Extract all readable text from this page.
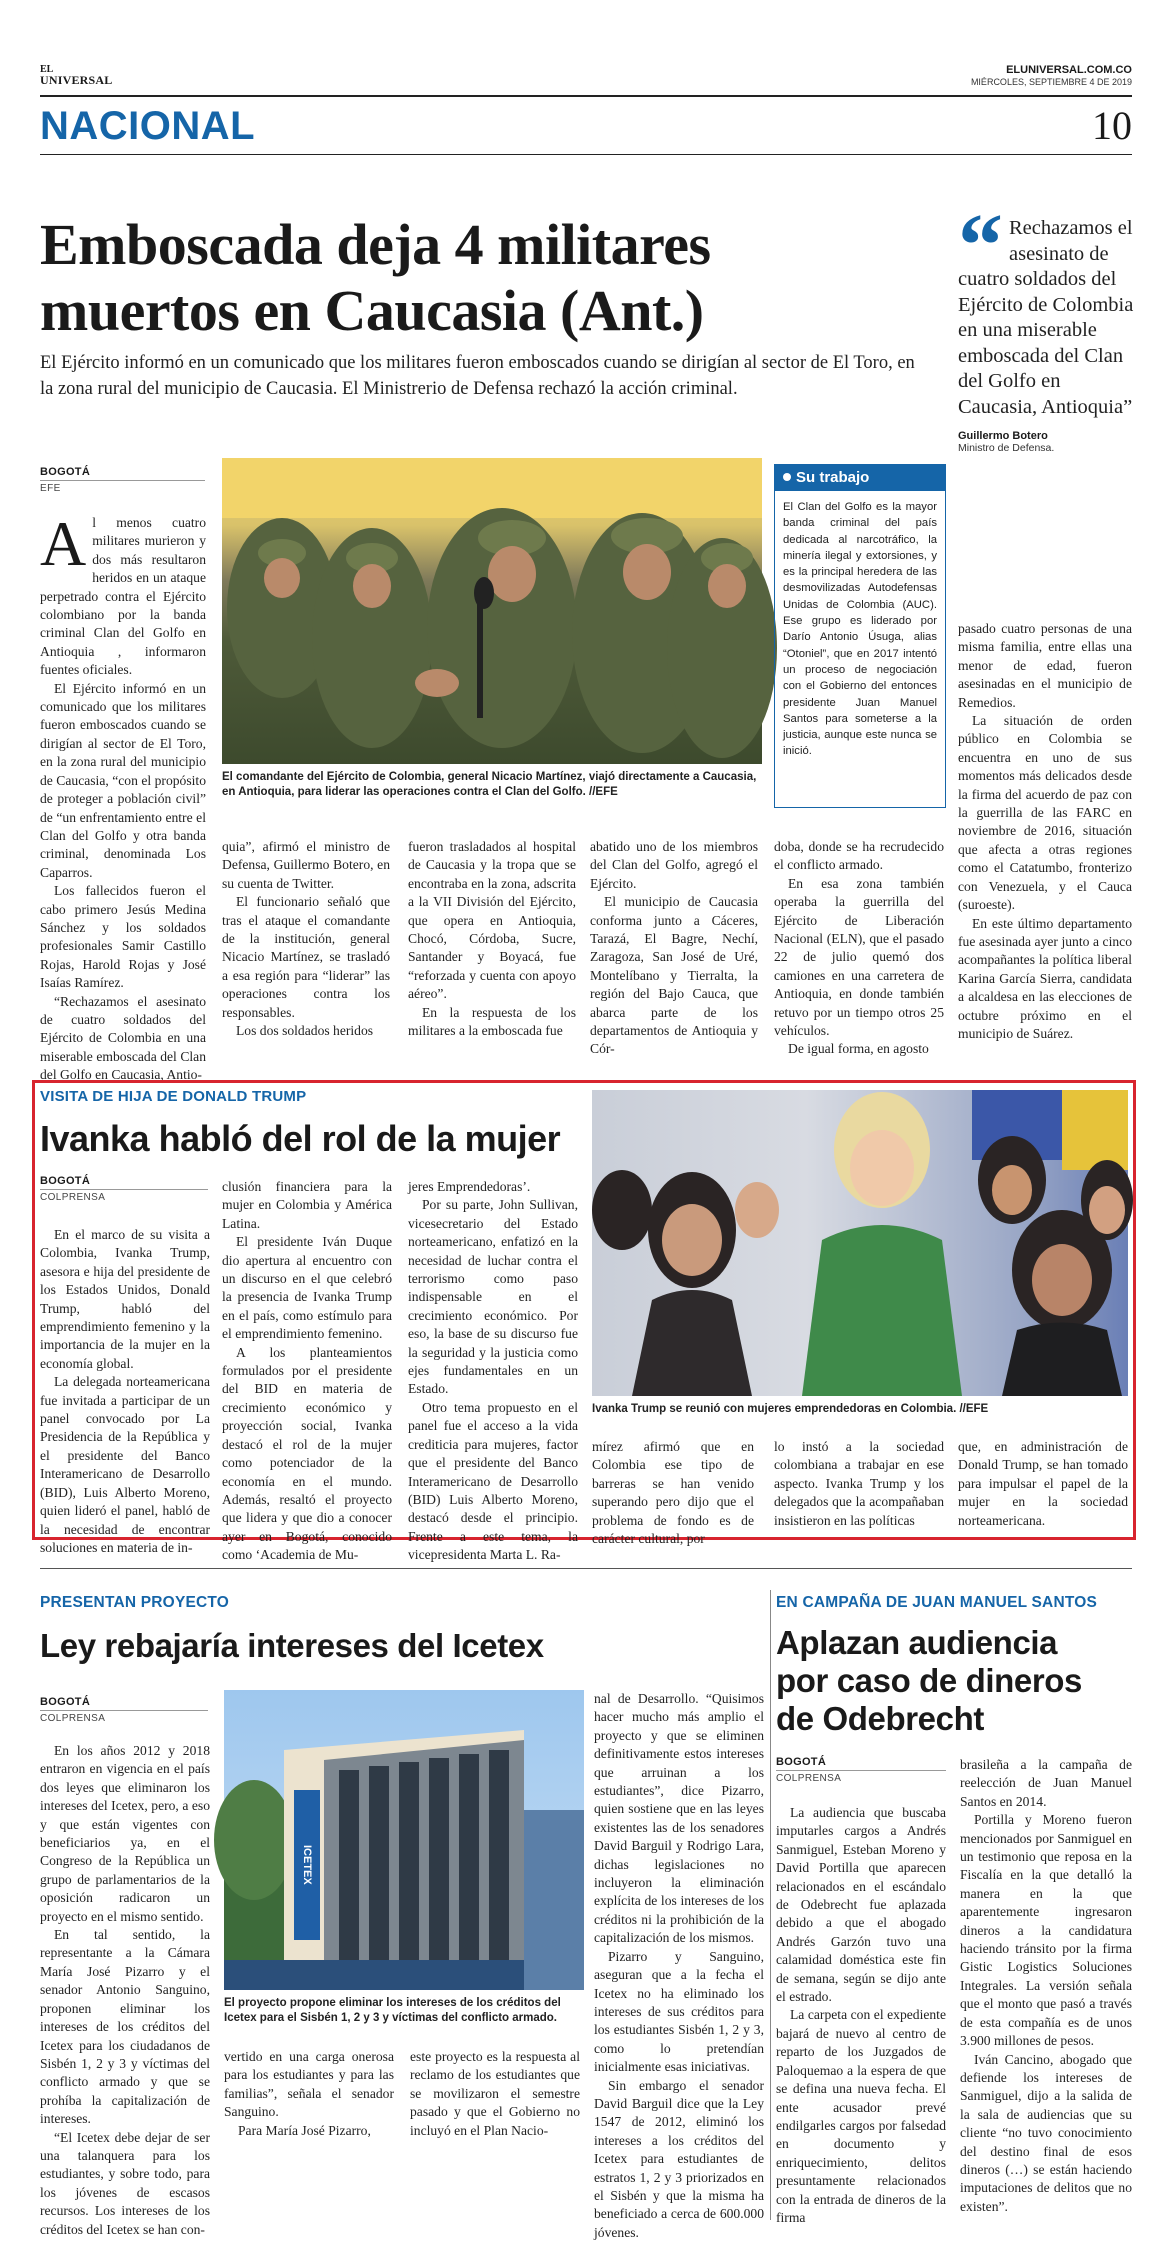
EL
UNIVERSAL
ELUNIVERSAL.COM.CO
MIÉRCOLES, SEPTIEMBRE 4 DE 2019
NACIONAL	10
Emboscada deja 4 militares
muertos en Caucasia (Ant.)
El Ejército informó en un comunicado que los militares fueron emboscados cuando se dirigían al sector de El Toro, en la zona rural del municipio de Caucasia. El Ministrerio de Defensa rechazó la acción criminal.
“ Rechazamos el asesinato de cuatro soldados del Ejército de Colombia en una miserable emboscada del Clan del Golfo en Caucasia, Antioquia”
Guillermo Botero
Ministro de Defensa.
BOGOTÁ
EFE
A l menos cuatro militares murieron y dos más resultaron heridos en un ataque perpetrado contra el Ejército colombiano por la banda criminal Clan del Golfo en Antioquia , informaron fuentes oficiales.

El Ejército informó en un comunicado que los militares fueron emboscados cuando se dirigían al sector de El Toro, en la zona rural del municipio de Caucasia, “con el propósito de proteger a población civil” de “un enfrentamiento entre el Clan del Golfo y otra banda criminal, denominada Los Caparros.

Los fallecidos fueron el cabo primero Jesús Medina Sánchez y los soldados profesionales Samir Castillo Rojas, Harold Rojas y José Isaías Ramírez.

“Rechazamos el asesinato de cuatro soldados del Ejército de Colombia en una miserable emboscada del Clan del Golfo en Caucasia, Antio-

El comandante del Ejército de Colombia, general Nicacio Martínez, viajó directamente a Caucasia, en Antioquia, para liderar las operaciones contra el Clan del Golfo. //EFE
Su trabajo
El Clan del Golfo es la mayor banda criminal del país dedicada al narcotráfico, la minería ilegal y extorsiones, y es la principal heredera de las desmovilizadas Autodefensas Unidas de Colombia (AUC). Ese grupo es liderado por Darío Antonio Úsuga, alias “Otoniel”, que en 2017 intentó un proceso de negociación con el Gobierno del entonces presidente Juan Manuel Santos para someterse a la justicia, aunque este nunca se inició.

quia”, afirmó el ministro de Defensa, Guillermo Botero, en su cuenta de Twitter.

El funcionario señaló que tras el ataque el comandante de la institución, general Nicacio Martínez, se trasladó a esa región para “liderar” las operaciones contra los responsables.

Los dos soldados heridos

fueron trasladados al hospital de Caucasia y la tropa que se encontraba en la zona, adscrita a la VII División del Ejército, que opera en Antioquia, Chocó, Córdoba, Sucre, Santander y Boyacá, fue “reforzada y cuenta con apoyo aéreo”.

En la respuesta de los militares a la emboscada fue

abatido uno de los miembros del Clan del Golfo, agregó el Ejército.

El municipio de Caucasia conforma junto a Cáceres, Tarazá, El Bagre, Nechí, Zaragoza, San José de Uré, Montelíbano y Tierralta, la región del Bajo Cauca, que abarca parte de los departamentos de Antioquia y Cór-

doba, donde se ha recrudecido el conflicto armado.

En esa zona también operaba la guerrilla del Ejército de Liberación Nacional (ELN), que el pasado 22 de julio quemó dos camiones en una carretera de Antioquia, en donde también retuvo por un tiempo otros 25 vehículos.

De igual forma, en agosto

pasado cuatro personas de una misma familia, entre ellas una menor de edad, fueron asesinadas en el municipio de Remedios.

La situación de orden público en Colombia se encuentra en uno de sus momentos más delicados desde la firma del acuerdo de paz con la guerrilla de las FARC en noviembre de 2016, situación que afecta a otras regiones como el Catatumbo, fronterizo con Venezuela, y el Cauca (suroeste).

En este último departamento fue asesinada ayer junto a cinco acompañantes la política liberal Karina García Sierra, candidata a alcaldesa en las elecciones de octubre próximo en el municipio de Suárez.

VISITA DE HIJA DE DONALD TRUMP
Ivanka habló del rol de la mujer
BOGOTÁ
COLPRENSA

En el marco de su visita a Colombia, Ivanka Trump, asesora e hija del presidente de los Estados Unidos, Donald Trump, habló del emprendimiento femenino y la importancia de la mujer en la economía global.

La delegada norteamericana fue invitada a participar de un panel convocado por La Presidencia de la República y el presidente del Banco Interamericano de Desarrollo (BID), Luis Alberto Moreno, quien lideró el panel, habló de la necesidad de encontrar soluciones en materia de in-

clusión financiera para la mujer en Colombia y América Latina.

El presidente Iván Duque dio apertura al encuentro con un discurso en el que celebró la presencia de Ivanka Trump en el país, como estímulo para el emprendimiento femenino.

A los planteamientos formulados por el presidente del BID en materia de crecimiento económico y proyección social, Ivanka destacó el rol de la mujer como potenciador de la economía en el mundo. Además, resaltó el proyecto que lidera y que dio a conocer ayer en Bogotá, conocido como ‘Academia de Mu-

jeres Emprendedoras’.

Por su parte, John Sullivan, vicesecretario del Estado norteamericano, enfatizó en la necesidad de luchar contra el terrorismo como paso indispensable en el crecimiento económico. Por eso, la base de su discurso fue la seguridad y la justicia como ejes fundamentales en un Estado.

Otro tema propuesto en el panel fue el acceso a la vida crediticia para mujeres, factor que el presidente del Banco Interamericano de Desarrollo (BID) Luis Alberto Moreno, destacó desde el principio. Frente a este tema, la vicepresidenta Marta L. Ra-

Ivanka Trump se reunió con mujeres emprendedoras en Colombia. //EFE

mírez afirmó que en Colombia ese tipo de barreras se han venido superando pero dijo que el problema de fondo es de carácter cultural, por

lo instó a la sociedad colombiana a trabajar en ese aspecto. Ivanka Trump y los delegados que la acompañaban insistieron en las políticas

que, en administración de Donald Trump, se han tomado para impulsar el papel de la mujer en la sociedad norteamericana.

PRESENTAN PROYECTO
Ley rebajaría intereses del Icetex
BOGOTÁ
COLPRENSA

En los años 2012 y 2018 entraron en vigencia en el país dos leyes que eliminaron los intereses del Icetex, pero, a eso y que están vigentes con beneficiarios ya, en el Congreso de la República un grupo de parlamentarios de la oposición radicaron un proyecto en el mismo sentido.

En tal sentido, la representante a la Cámara María José Pizarro y el senador Antonio Sanguino, proponen eliminar los intereses de los créditos del Icetex para los ciudadanos de Sisbén 1, 2 y 3 y víctimas del conflicto armado y que se prohíba la capitalización de intereses.

“El Icetex debe dejar de ser una talanquera para los estudiantes, y sobre todo, para los jóvenes de escasos recursos. Los intereses de los créditos del Icetex se han con-

ICETEX
El proyecto propone eliminar los intereses de los créditos del Icetex para el Sisbén 1, 2 y 3 y víctimas del conflicto armado.

vertido en una carga onerosa para los estudiantes y para las familias”, señala el senador Sanguino.

Para María José Pizarro,

este proyecto es la respuesta al reclamo de los estudiantes que se movilizaron el semestre pasado y que el Gobierno no incluyó en el Plan Nacio-

nal de Desarrollo. “Quisimos hacer mucho más amplio el proyecto y que se eliminen definitivamente estos intereses que arruinan a los estudiantes”, dice Pizarro, quien sostiene que en las leyes existentes las de los senadores David Barguil y Rodrigo Lara, dichas legislaciones no incluyeron la eliminación explícita de los intereses de los créditos ni la prohibición de la capitalización de los mismos.

Pizarro y Sanguino, aseguran que a la fecha el Icetex no ha eliminado los intereses de sus créditos para los estudiantes Sisbén 1, 2 y 3, como lo pretendían inicialmente esas iniciativas.

Sin embargo el senador David Barguil dice que la Ley 1547 de 2012, eliminó los intereses a los créditos del Icetex para estudiantes de estratos 1, 2 y 3 priorizados en el Sisbén y que la misma ha beneficiado a cerca de 600.000 jóvenes.

EN CAMPAÑA DE JUAN MANUEL SANTOS
Aplazan audiencia
por caso de dineros
de Odebrecht
BOGOTÁ
COLPRENSA

La audiencia que buscaba imputarles cargos a Andrés Sanmiguel, Esteban Moreno y David Portilla que aparecen relacionados en el escándalo de Odebrecht fue aplazada debido a que el abogado Andrés Garzón tuvo una calamidad doméstica este fin de semana, según se dijo ante el estrado.

La carpeta con el expediente bajará de nuevo al centro de reparto de los Juzgados de Paloquemao a la espera de que se defina una nueva fecha. El ente acusador prevé endilgarles cargos por falsedad en documento y enriquecimiento, delitos presuntamente relacionados con la entrada de dineros de la firma

brasileña a la campaña de reelección de Juan Manuel Santos en 2014.

Portilla y Moreno fueron mencionados por Sanmiguel en un testimonio que reposa en la Fiscalía en la que detalló la manera en la que aparentemente ingresaron dineros a la candidatura haciendo tránsito por la firma Gistic Logistics Soluciones Integrales. La versión señala que el monto que pasó a través de esta compañía es de unos 3.900 millones de pesos.

Iván Cancino, abogado que defiende los intereses de Sanmiguel, dijo a la salida de la sala de audiencias que su cliente “no tuvo conocimiento del destino final de esos dineros (…) se están haciendo imputaciones de delitos que no existen”.
